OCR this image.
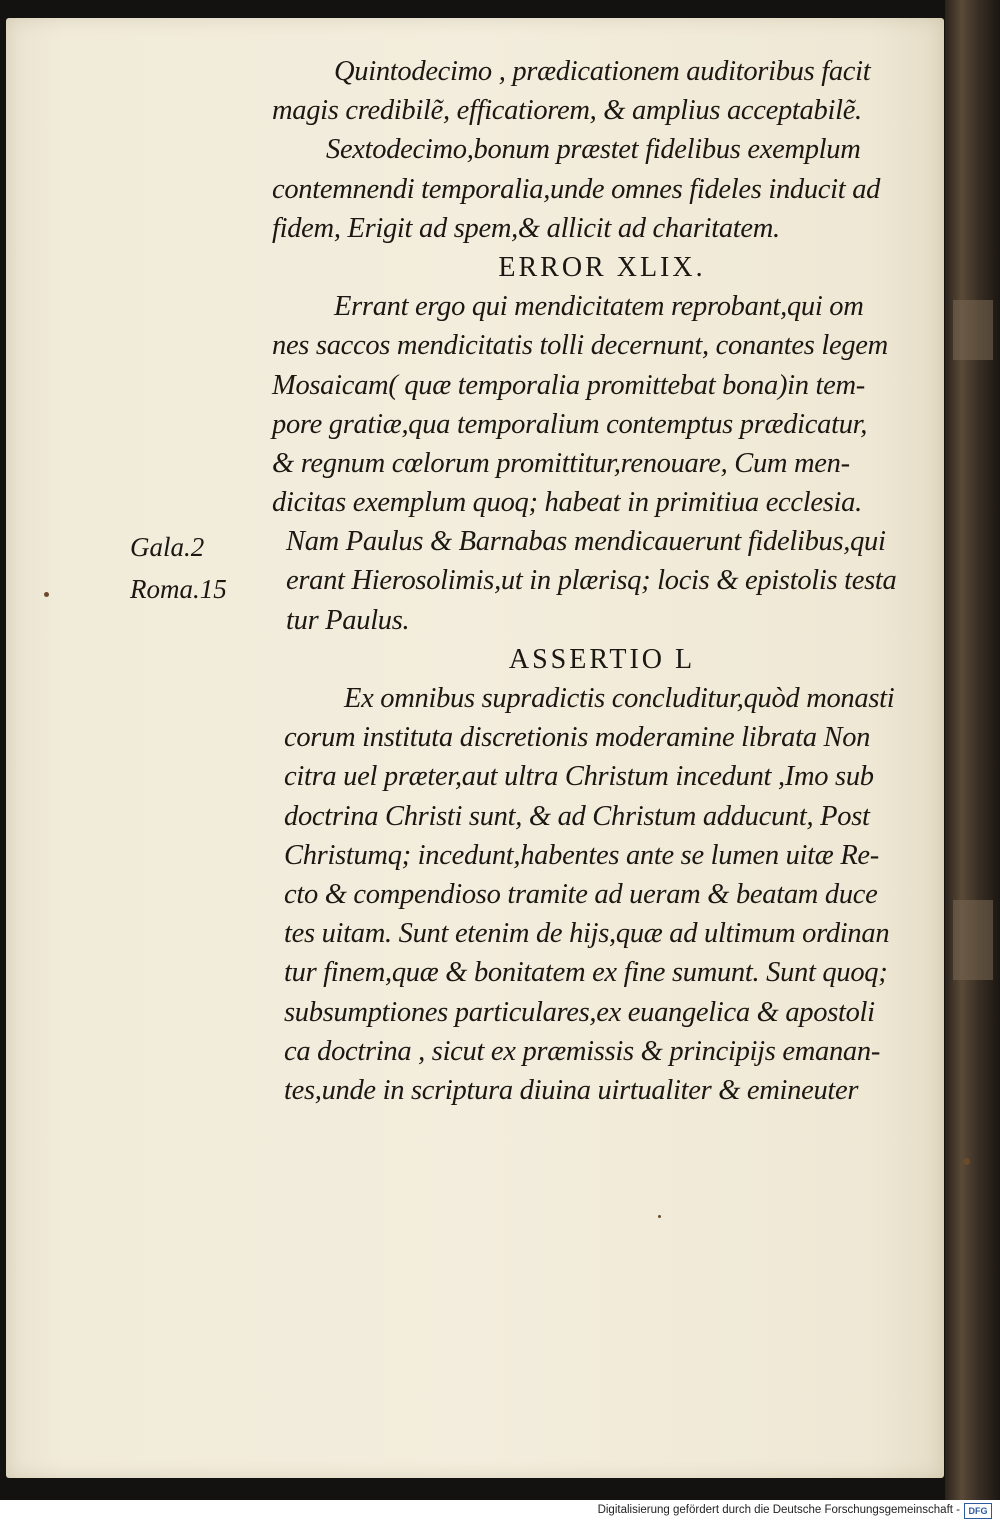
Quintodecimo , prædicationem auditoribus facit
magis credibilẽ, efficatiorem, & amplius acceptabilẽ.
Sextodecimo,bonum præstet fidelibus exemplum
contemnendi temporalia,unde omnes fideles inducit ad
fidem, Erigit ad spem,& allicit ad charitatem.
ERROR XLIX.
Errant ergo qui mendicitatem reprobant,qui om
nes saccos mendicitatis tolli decernunt, conantes legem
Mosaicam( quæ temporalia promittebat bona)in tem-
pore gratiæ,qua temporalium contemptus prædicatur,
& regnum cœlorum promittitur,renouare, Cum men-
dicitas exemplum quoq; habeat in primitiua ecclesia.
Nam Paulus & Barnabas mendicauerunt fidelibus,qui
erant Hierosolimis,ut in plærisq; locis & epistolis testa
tur Paulus.
ASSERTIO L
Ex omnibus supradictis concluditur,quòd monasti
corum instituta discretionis moderamine librata Non
citra uel præter,aut ultra Christum incedunt ,Imo sub
doctrina Christi sunt, & ad Christum adducunt, Post
Christumq; incedunt,habentes ante se lumen uitæ Re-
cto & compendioso tramite ad ueram & beatam duce
tes uitam. Sunt etenim de hijs,quæ ad ultimum ordinan
tur finem,quæ & bonitatem ex fine sumunt. Sunt quoq;
subsumptiones particulares,ex euangelica & apostoli
ca doctrina , sicut ex præmissis & principijs emanan-
tes,unde in scriptura diuina uirtualiter & emineuter
Gala.2
Roma.15
Digitalisierung gefördert durch die Deutsche Forschungsgemeinschaft - DFG
